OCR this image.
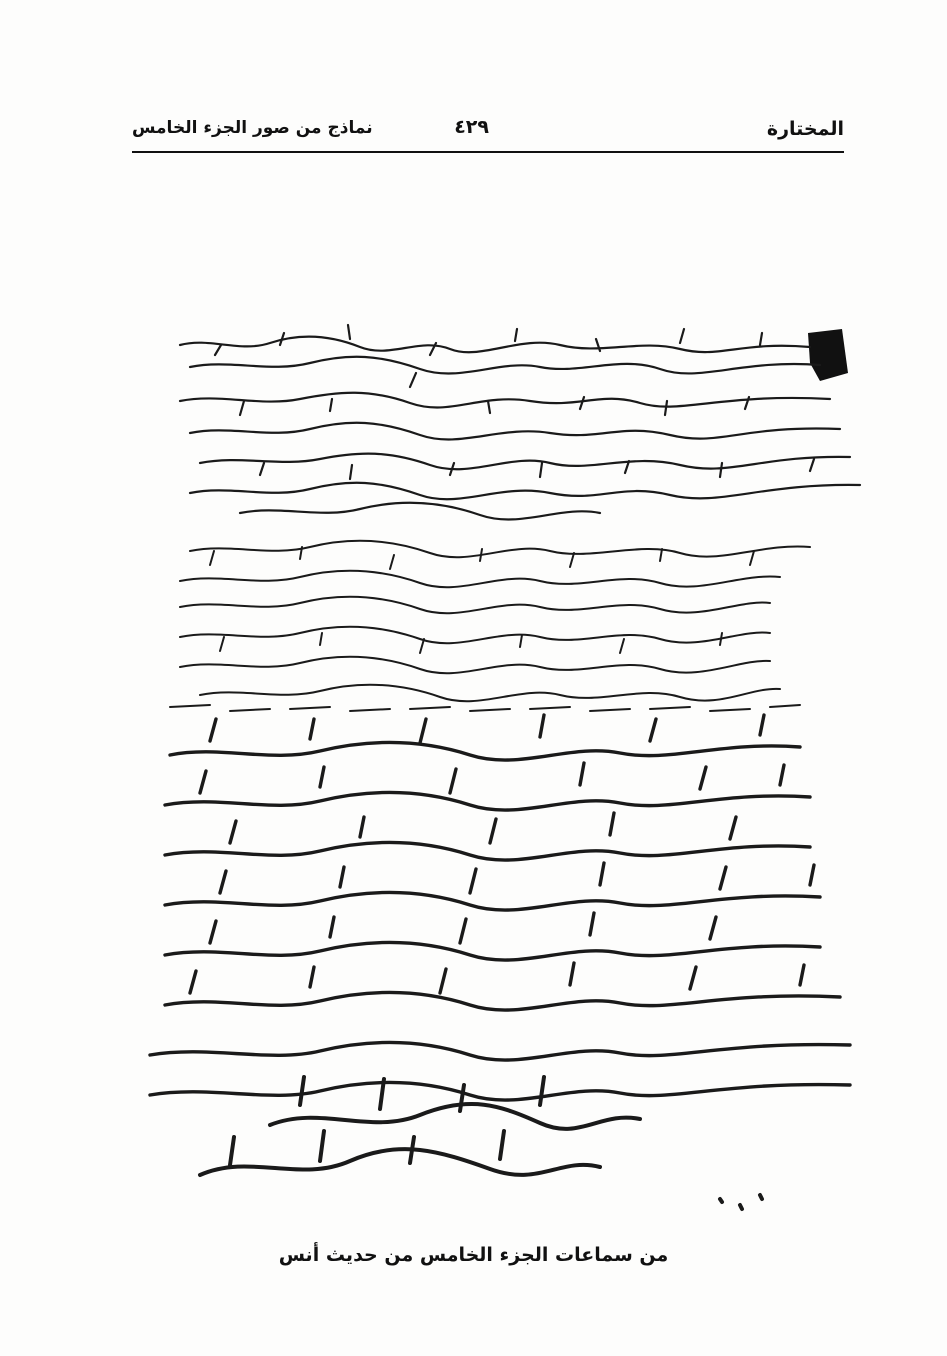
المختارة
٤٢٩
نماذج من صور الجزء الخامس
من سماعات الجزء الخامس من حديث أنس
